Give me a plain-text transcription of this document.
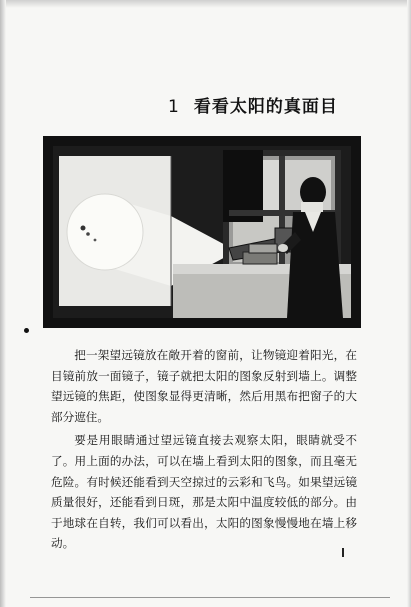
1 看看太阳的真面目

把一架望远镜放在敞开着的窗前，让物镜迎着阳光，在目镜前放一面镜子，镜子就把太阳的图象反射到墙上。调整望远镜的焦距，使图象显得更清晰，然后用黑布把窗子的大部分遮住。

要是用眼睛通过望远镜直接去观察太阳，眼睛就受不了。用上面的办法，可以在墙上看到太阳的图象，而且毫无危险。有时候还能看到天空掠过的云彩和飞鸟。如果望远镜质量很好，还能看到日斑，那是太阳中温度较低的部分。由于地球在自转，我们可以看出，太阳的图象慢慢地在墙上移动。
